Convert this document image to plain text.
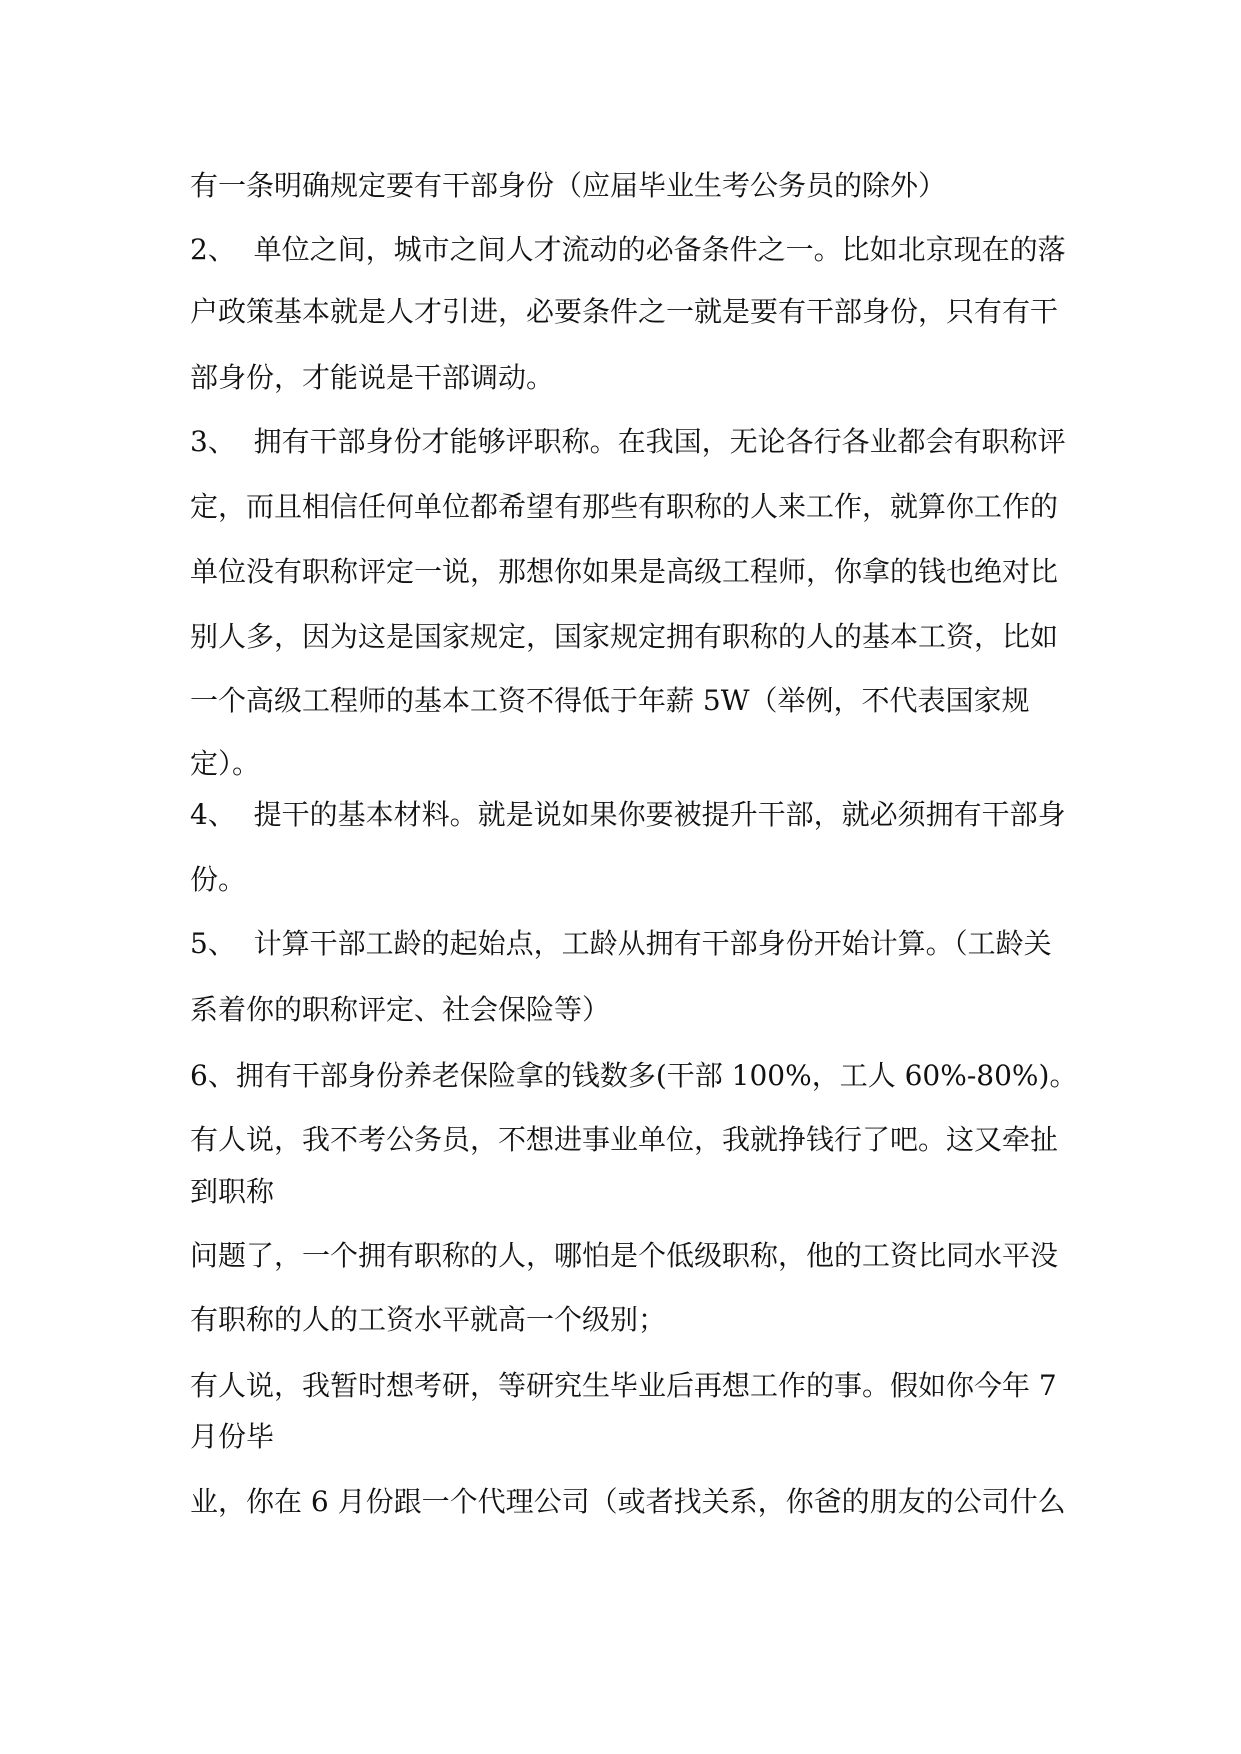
有一条明确规定要有干部身份（应届毕业生考公务员的除外）

2、  单位之间，城市之间人才流动的必备条件之一。比如北京现在的落

户政策基本就是人才引进，必要条件之一就是要有干部身份，只有有干

部身份，才能说是干部调动。

3、  拥有干部身份才能够评职称。在我国，无论各行各业都会有职称评

定，而且相信任何单位都希望有那些有职称的人来工作，就算你工作的

单位没有职称评定一说，那想你如果是高级工程师，你拿的钱也绝对比

别人多，因为这是国家规定，国家规定拥有职称的人的基本工资，比如

一个高级工程师的基本工资不得低于年薪 5W（举例，不代表国家规

定）。

4、  提干的基本材料。就是说如果你要被提升干部，就必须拥有干部身

份。

5、  计算干部工龄的起始点，工龄从拥有干部身份开始计算。（工龄关

系着你的职称评定、社会保险等）

6、拥有干部身份养老保险拿的钱数多(干部 100%，工人 60%-80%)。

有人说，我不考公务员，不想进事业单位，我就挣钱行了吧。这又牵扯

到职称

问题了，一个拥有职称的人，哪怕是个低级职称，他的工资比同水平没

有职称的人的工资水平就高一个级别；

有人说，我暂时想考研，等研究生毕业后再想工作的事。假如你今年 7

月份毕

业，你在 6 月份跟一个代理公司（或者找关系，你爸的朋友的公司什么
